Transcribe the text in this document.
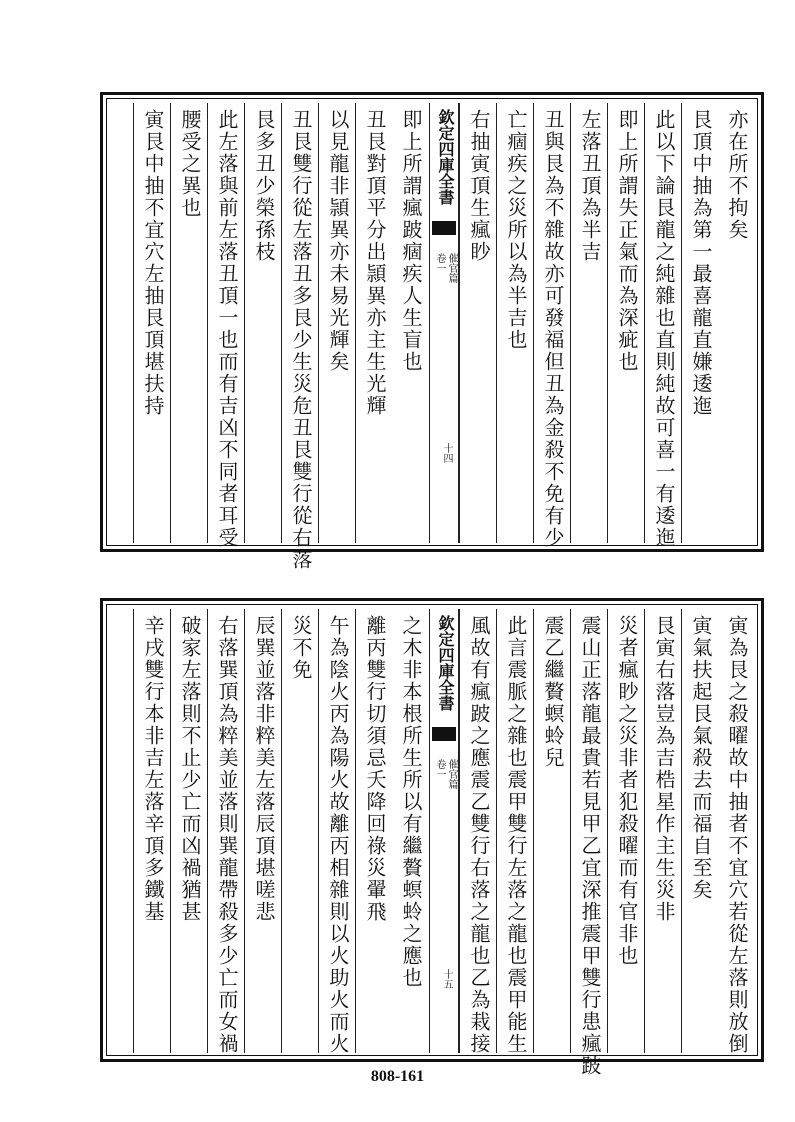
亦在所不拘矣
艮頂中抽為第一最喜龍直嫌逶迤
此以下論艮龍之純雜也直則純故可喜一有逶迤
即上所謂失正氣而為深疵也
左落丑頂為半吉
丑與艮為不雜故亦可發福但丑為金殺不免有少
亡痼疾之災所以為半吉也
右抽寅頂生瘋眇
欽定四庫全書
催官篇
卷一
十四
即上所謂瘋跛痼疾人生盲也
丑艮對頂平分出頴異亦主生光輝
以見龍非頴異亦未易光輝矣
丑艮雙行從左落丑多艮少生災危丑艮雙行從右落
艮多丑少榮孫枝
此左落與前左落丑頂一也而有吉凶不同者耳受
腰受之異也
寅艮中抽不宜穴左抽艮頂堪扶持
寅為艮之殺曜故中抽者不宜穴若從左落則放倒
寅氣扶起艮氣殺去而福自至矣
艮寅右落豈為吉梏星作主生災非
災者瘋眇之災非者犯殺曜而有官非也
震山正落龍最貴若見甲乙宜深推震甲雙行患瘋跛
震乙繼贅螟蛉兒
此言震脈之雜也震甲雙行左落之龍也震甲能生
風故有瘋跛之應震乙雙行右落之龍也乙為栽接
欽定四庫全書
催官篇
卷一
十五
之木非本根所生所以有繼贅螟蛉之應也
離丙雙行切須忌夭降回祿災翬飛
午為陰火丙為陽火故離丙相雜則以火助火而火
災不免
辰巽並落非粹美左落辰頂堪嗟悲
右落巽頂為粹美並落則巽龍帶殺多少亡而女禍
破家左落則不止少亡而凶禍猶甚
辛戌雙行本非吉左落辛頂多鐵基
808-161
